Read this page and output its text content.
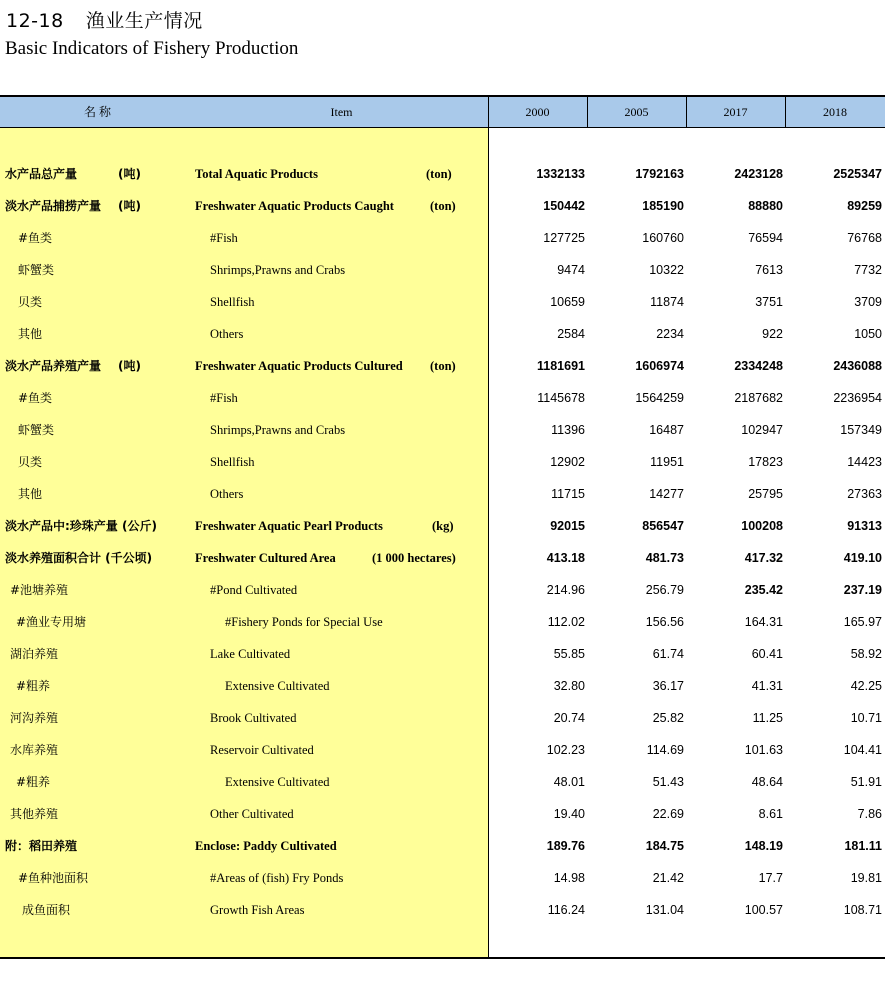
12-18 渔业生产情况
Basic Indicators of Fishery Production
名 称	Item	2000	2005	2017	2018
水产品总产量	(吨)	Total Aquatic Products	(ton)	1332133	1792163	2423128	2525347
淡水产品捕捞产量 (吨)	Freshwater Aquatic Products Caught	(ton)	150442	185190	88880	89259
#鱼类	#Fish	127725	160760	76594	76768
虾蟹类	Shrimps,Prawns and Crabs	9474	10322	7613	7732
贝类	Shellfish	10659	11874	3751	3709
其他	Others	2584	2234	922	1050
淡水产品养殖产量 (吨)	Freshwater Aquatic Products Cultured (ton)	1181691	1606974	2334248	2436088
#鱼类	#Fish	1145678	1564259	2187682	2236954
虾蟹类	Shrimps,Prawns and Crabs	11396	16487	102947	157349
贝类	Shellfish	12902	11951	17823	14423
其他	Others	11715	14277	25795	27363
淡水产品中:珍珠产量 (公斤)	Freshwater Aquatic Pearl Products	(kg)	92015	856547	100208	91313
淡水养殖面积合计 (千公顷)	Freshwater Cultured Area	(1 000 hectares)	413.18	481.73	417.32	419.10
#池塘养殖	#Pond Cultivated	214.96	256.79	235.42	237.19
#渔业专用塘	#Fishery Ponds for Special Use	112.02	156.56	164.31	165.97
湖泊养殖	Lake Cultivated	55.85	61.74	60.41	58.92
#粗养	Extensive Cultivated	32.80	36.17	41.31	42.25
河沟养殖	Brook Cultivated	20.74	25.82	11.25	10.71
水库养殖	Reservoir Cultivated	102.23	114.69	101.63	104.41
#粗养	Extensive Cultivated	48.01	51.43	48.64	51.91
其他养殖	Other Cultivated	19.40	22.69	8.61	7.86
附：稻田养殖	Enclose: Paddy Cultivated	189.76	184.75	148.19	181.11
#鱼种池面积	#Areas of (fish) Fry Ponds	14.98	21.42	17.7	19.81
成鱼面积	Growth Fish Areas	116.24	131.04	100.57	108.71
